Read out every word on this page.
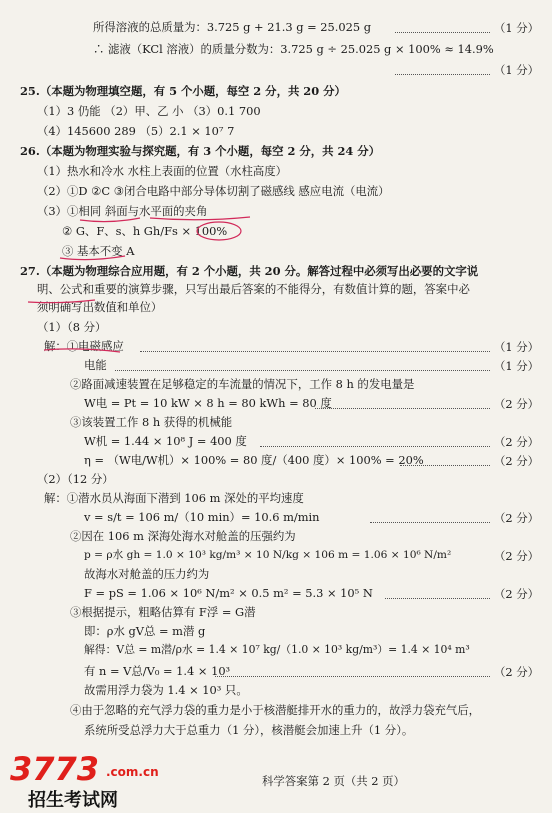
所得溶液的总质量为：3.725 g + 21.3 g = 25.025 g	（1 分）
∴ 滤液（KCl 溶液）的质量分数为：3.725 g ÷ 25.025 g × 100% ≈ 14.9%
（1 分）
25.（本题为物理填空题，有 5 个小题，每空 2 分，共 20 分）
（1）3 仍能 （2）甲、乙 小 （3）0.1 700
（4）145600 289 （5）2.1 × 10⁷ 7
26.（本题为物理实验与探究题，有 3 个小题，每空 2 分，共 24 分）
（1）热水和冷水 水柱上表面的位置（水柱高度）
（2）①D ②C ③闭合电路中部分导体切割了磁感线 感应电流（电流）
（3）①相同 斜面与水平面的夹角
② G、F、s、h Gh/Fs × 100%
③ 基本不变 A
27.（本题为物理综合应用题，有 2 个小题，共 20 分。解答过程中必须写出必要的文字说
明、公式和重要的演算步骤，只写出最后答案的不能得分，有数值计算的题，答案中必
须明确写出数值和单位）
（1）（8 分）
解：①电磁感应	（1 分）
电能	（1 分）
②路面减速装置在足够稳定的车流量的情况下，工作 8 h 的发电量是
W电 = Pt = 10 kW × 8 h = 80 kWh = 80 度	（2 分）
③该装置工作 8 h 获得的机械能
W机 = 1.44 × 10⁸ J = 400 度	（2 分）
η = （W电/W机）× 100% = 80 度/（400 度）× 100% = 20%	（2 分）
（2）（12 分）
解：①潜水员从海面下潜到 106 m 深处的平均速度
v = s/t = 106 m/（10 min）= 10.6 m/min	（2 分）
②因在 106 m 深海处海水对舱盖的压强约为
p = ρ水 gh = 1.0 × 10³ kg/m³ × 10 N/kg × 106 m = 1.06 × 10⁶ N/m²	（2 分）
故海水对舱盖的压力约为
F = pS = 1.06 × 10⁶ N/m² × 0.5 m² = 5.3 × 10⁵ N	（2 分）
③根据提示，粗略估算有 F浮 = G潜
即：ρ水 gV总 = m潜 g
解得：V总 = m潜/ρ水 = 1.4 × 10⁷ kg/（1.0 × 10³ kg/m³）= 1.4 × 10⁴ m³
有 n = V总/V₀ = 1.4 × 10³	（2 分）
故需用浮力袋为 1.4 × 10³ 只。
④由于忽略的充气浮力袋的重力是小于核潜艇排开水的重力的，故浮力袋充气后，
系统所受总浮力大于总重力（1 分），核潜艇会加速上升（1 分）。
3773 .com.cn
招生考试网
科学答案第 2 页（共 2 页）
